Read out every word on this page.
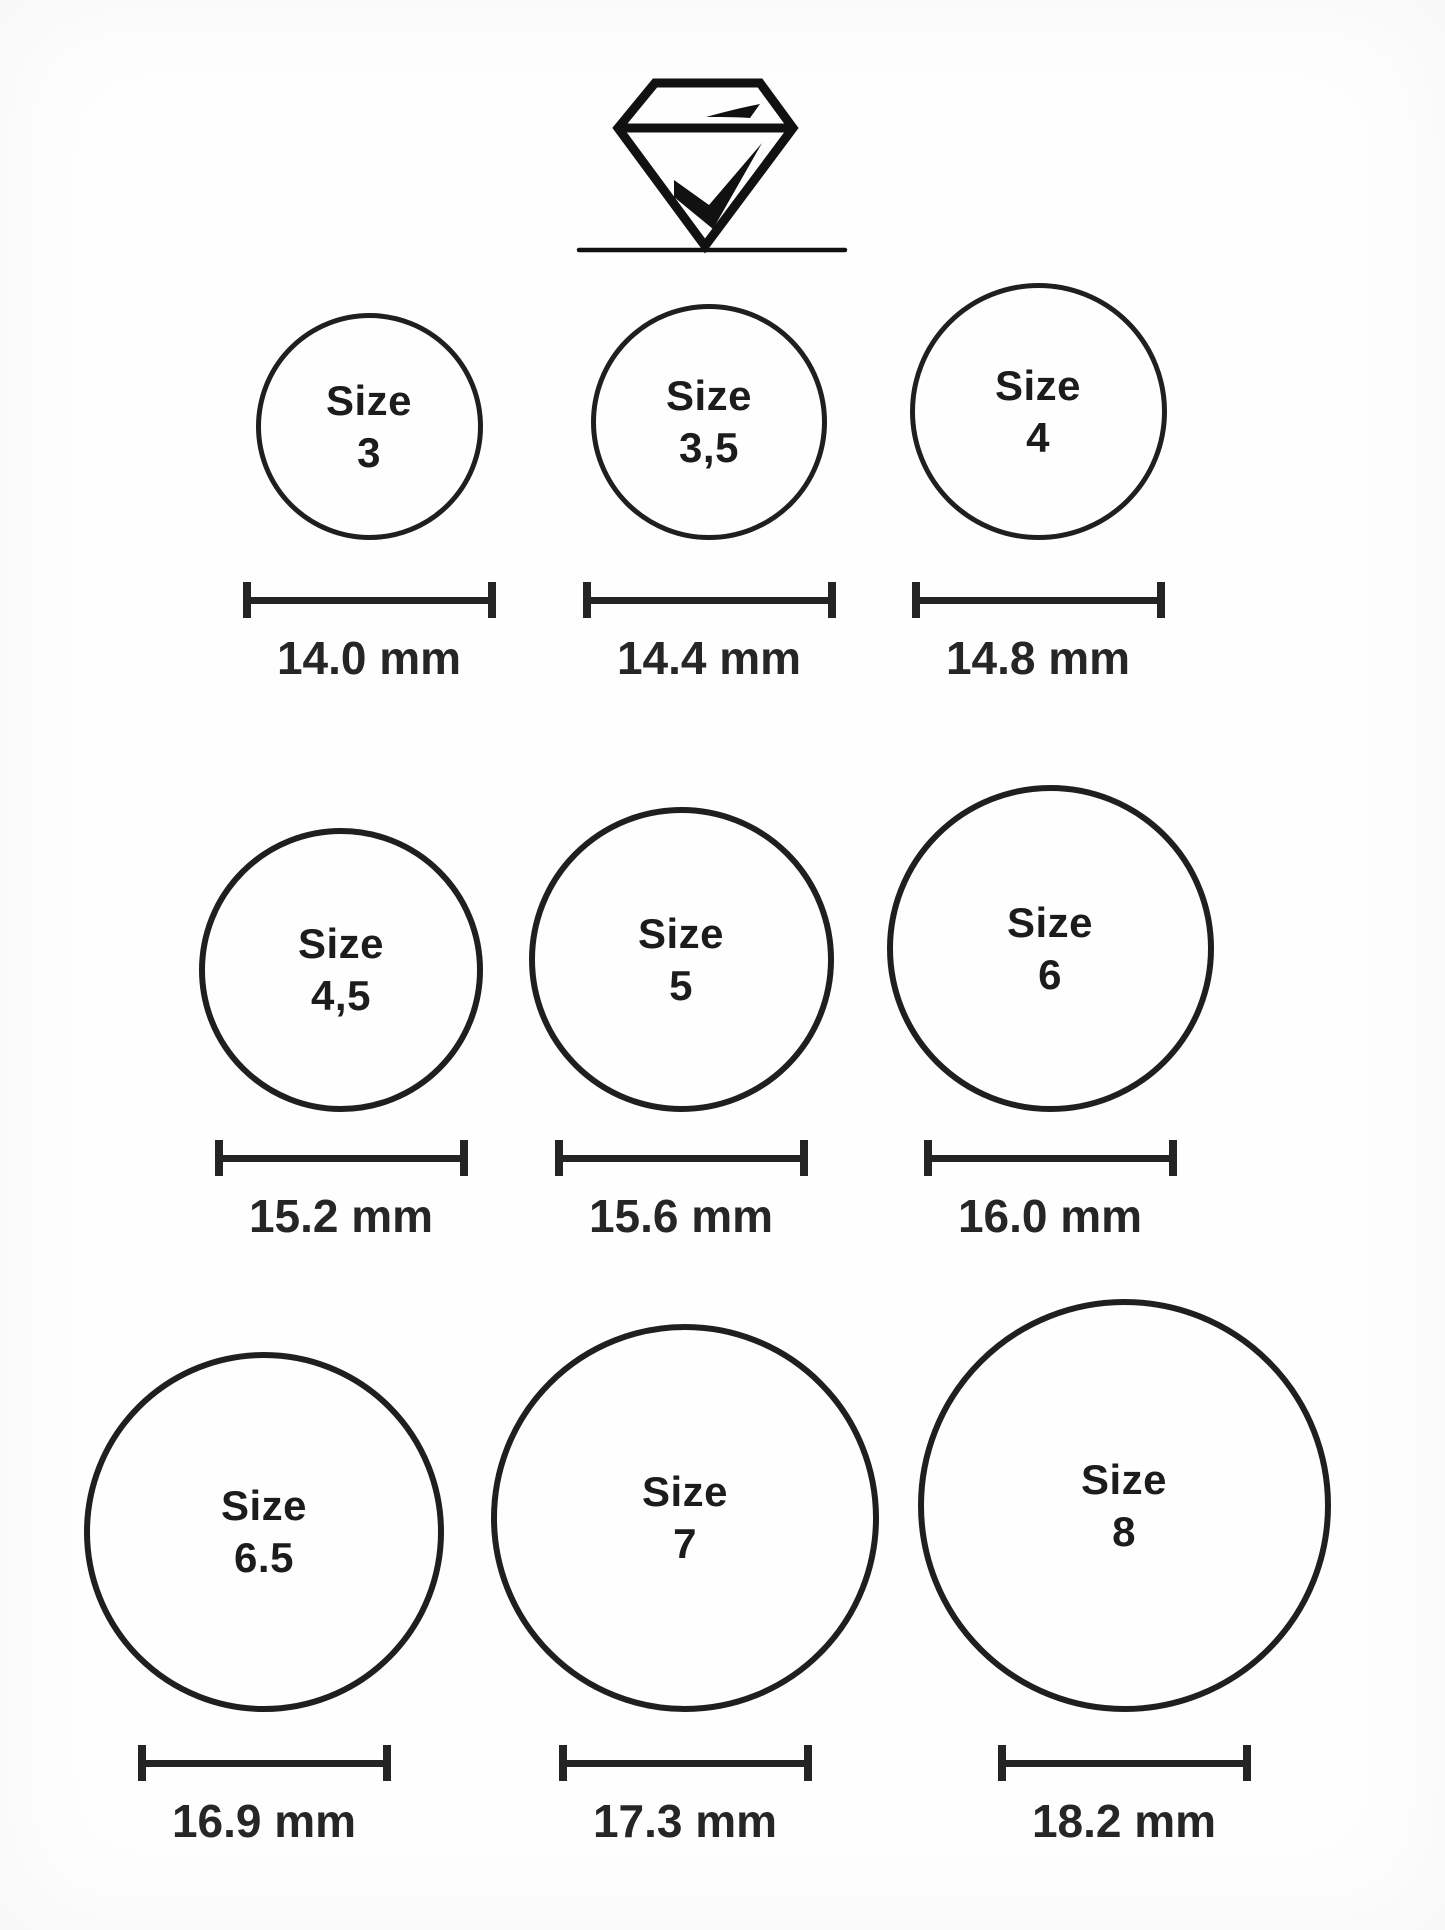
Size
3
14.0 mm
Size
3,5
14.4 mm
Size
4
14.8 mm
Size
4,5
15.2 mm
Size
5
15.6 mm
Size
6
16.0 mm
Size
6.5
16.9 mm
Size
7
17.3 mm
Size
8
18.2 mm
